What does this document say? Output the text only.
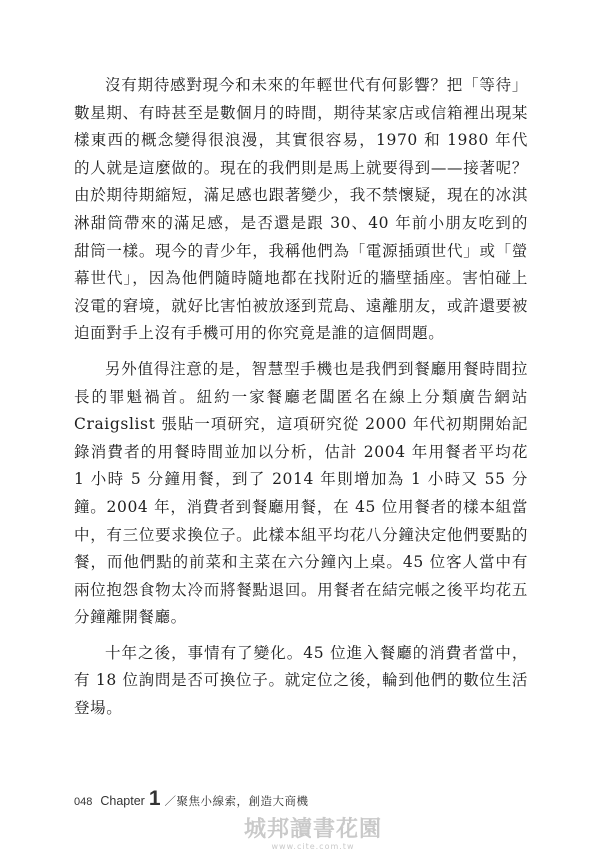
沒有期待感對現今和未來的年輕世代有何影響？把「等待」數星期、有時甚至是數個月的時間，期待某家店或信箱裡出現某樣東西的概念變得很浪漫，其實很容易，1970 和 1980 年代的人就是這麼做的。現在的我們則是馬上就要得到——接著呢？由於期待期縮短，滿足感也跟著變少，我不禁懷疑，現在的冰淇淋甜筒帶來的滿足感，是否還是跟 30、40 年前小朋友吃到的甜筒一樣。現今的青少年，我稱他們為「電源插頭世代」或「螢幕世代」，因為他們隨時隨地都在找附近的牆壁插座。害怕碰上沒電的窘境，就好比害怕被放逐到荒島、遠離朋友，或許還要被迫面對手上沒有手機可用的你究竟是誰的這個問題。

另外值得注意的是，智慧型手機也是我們到餐廳用餐時間拉長的罪魁禍首。紐約一家餐廳老闆匿名在線上分類廣告網站 Craigslist 張貼一項研究，這項研究從 2000 年代初期開始記錄消費者的用餐時間並加以分析，估計 2004 年用餐者平均花 1 小時 5 分鐘用餐，到了 2014 年則增加為 1 小時又 55 分鐘。2004 年，消費者到餐廳用餐，在 45 位用餐者的樣本組當中，有三位要求換位子。此樣本組平均花八分鐘決定他們要點的餐，而他們點的前菜和主菜在六分鐘內上桌。45 位客人當中有兩位抱怨食物太冷而將餐點退回。用餐者在結完帳之後平均花五分鐘離開餐廳。

十年之後，事情有了變化。45 位進入餐廳的消費者當中，有 18 位詢問是否可換位子。就定位之後，輪到他們的數位生活登場。

048 Chapter 1 ／聚焦小線索，創造大商機
城邦讀書花園
www.cite.com.tw
